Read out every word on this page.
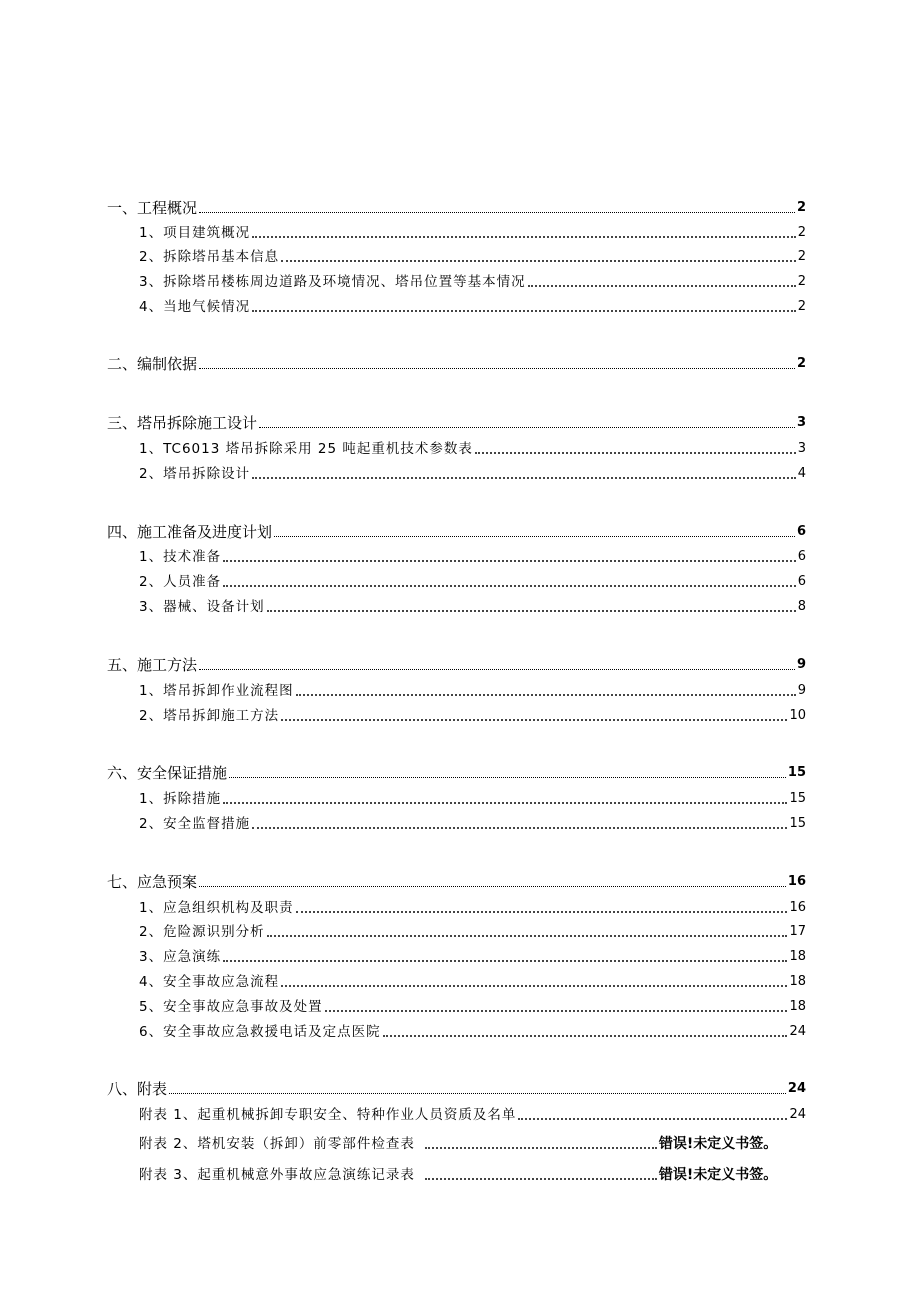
一、工程概况	2
1、项目建筑概况	2
2、拆除塔吊基本信息	2
3、拆除塔吊楼栋周边道路及环境情况、塔吊位置等基本情况	2
4、当地气候情况	2
二、编制依据	2
三、塔吊拆除施工设计	3
1、TC6013 塔吊拆除采用 25 吨起重机技术参数表	3
2、塔吊拆除设计	4
四、施工准备及进度计划	6
1、技术准备	6
2、人员准备	6
3、器械、设备计划	8
五、施工方法	9
1、塔吊拆卸作业流程图	9
2、塔吊拆卸施工方法	10
六、安全保证措施	15
1、拆除措施	15
2、安全监督措施	15
七、应急预案	16
1、应急组织机构及职责	16
2、危险源识别分析	17
3、应急演练	18
4、安全事故应急流程	18
5、安全事故应急事故及处置	18
6、安全事故应急救援电话及定点医院	24
八、附表	24
附表 1、起重机械拆卸专职安全、特种作业人员资质及名单	24
附表 2、塔机安装（拆卸）前零部件检查表	错误!未定义书签。
附表 3、起重机械意外事故应急演练记录表	错误!未定义书签。
